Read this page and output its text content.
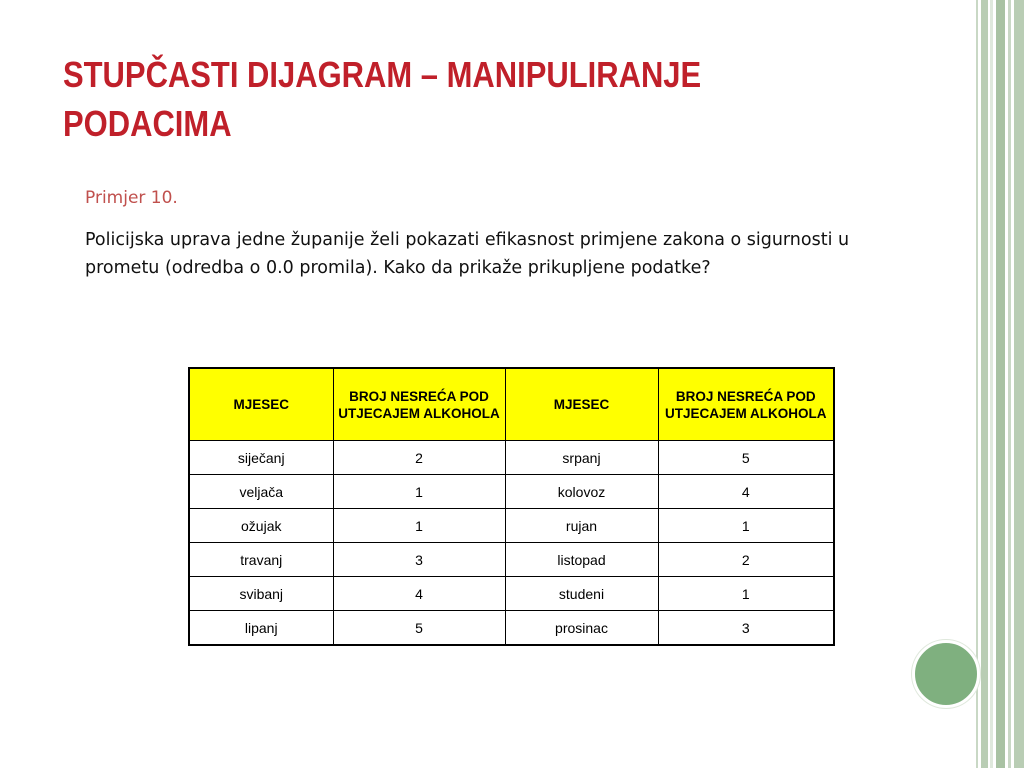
STUPČASTI DIJAGRAM – MANIPULIRANJE
PODACIMA

Primjer 10.

Policijska uprava jedne županije želi pokazati efikasnost primjene zakona o sigurnosti u prometu (odredba o 0.0 promila). Kako da prikaže prikupljene podatke?

MJESEC	BROJ NESREĆA POD UTJECAJEM ALKOHOLA	MJESEC	BROJ NESREĆA POD UTJECAJEM ALKOHOLA
siječanj	2	srpanj	5
veljača	1	kolovoz	4
ožujak	1	rujan	1
travanj	3	listopad	2
svibanj	4	studeni	1
lipanj	5	prosinac	3
